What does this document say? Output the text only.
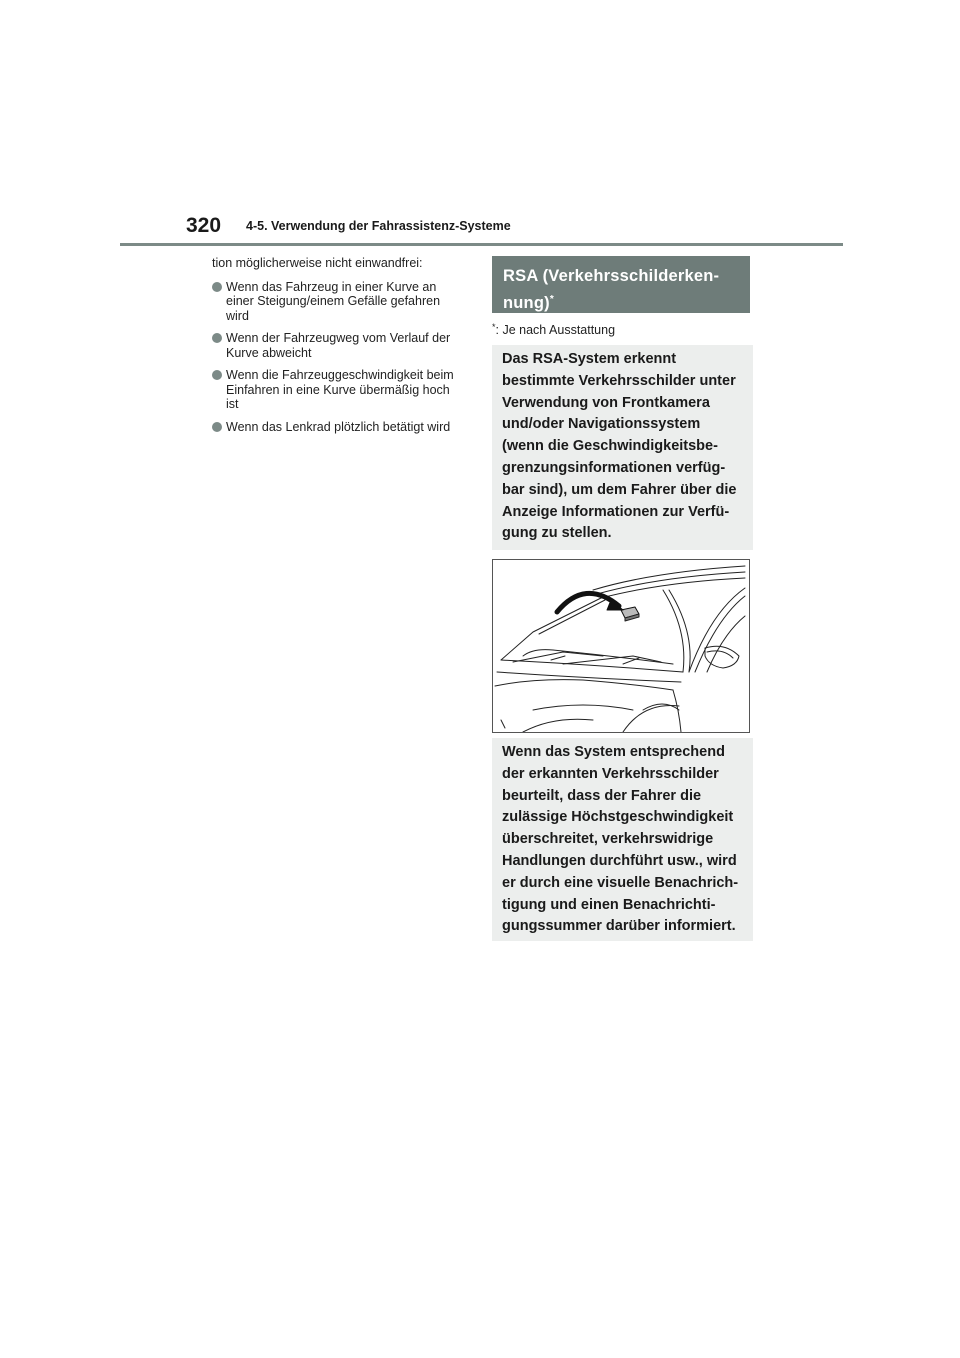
320 4-5. Verwendung der Fahrassistenz-Systeme

tion möglicherweise nicht einwandfrei:

Wenn das Fahrzeug in einer Kurve an einer Steigung/einem Gefälle gefahren wird
Wenn der Fahrzeugweg vom Verlauf der Kurve abweicht
Wenn die Fahrzeuggeschwindigkeit beim Einfahren in eine Kurve übermäßig hoch ist
Wenn das Lenkrad plötzlich betätigt wird
RSA (Verkehrsschilderken-
nung)*
*: Je nach Ausstattung

Das RSA-System erkennt bestimmte Verkehrsschilder unter Verwendung von Frontkamera und/oder Navigationssystem (wenn die Geschwindigkeitsbe-grenzungsinformationen verfüg-bar sind), um dem Fahrer über die Anzeige Informationen zur Verfü-gung zu stellen.

Wenn das System entsprechend der erkannten Verkehrsschilder beurteilt, dass der Fahrer die zulässige Höchstgeschwindigkeit überschreitet, verkehrswidrige Handlungen durchführt usw., wird er durch eine visuelle Benachrich-tigung und einen Benachrichti-gungssummer darüber informiert.
